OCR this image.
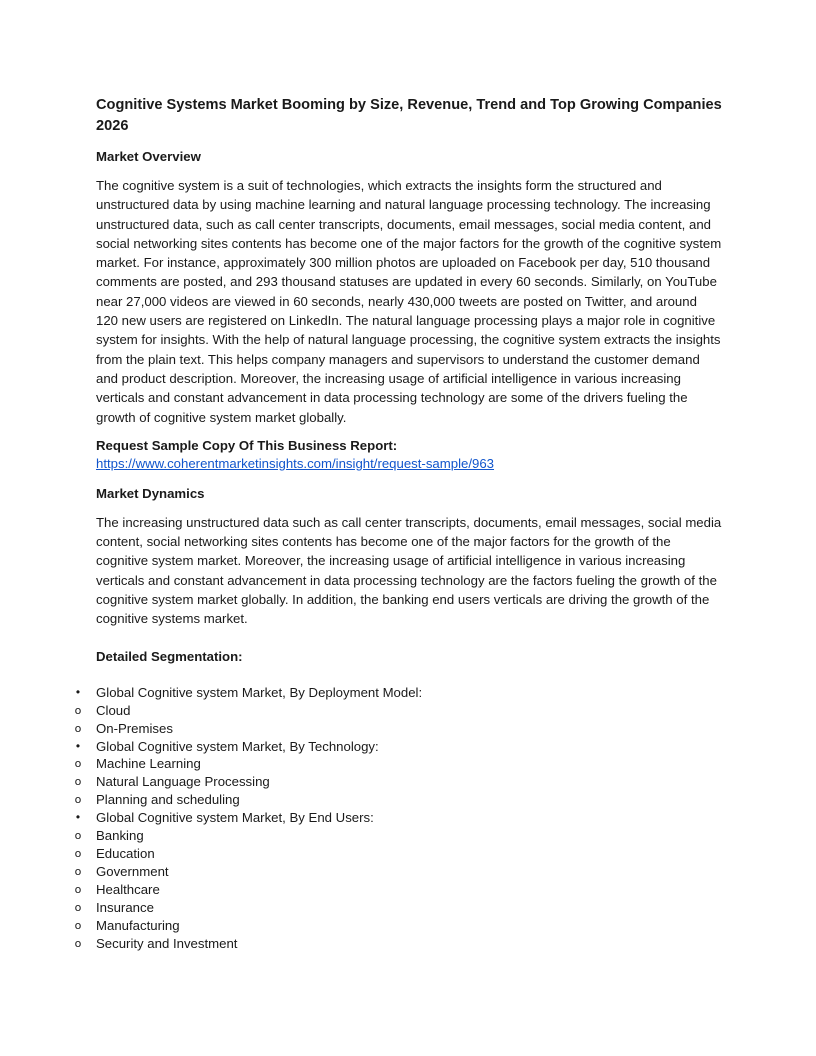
Cognitive Systems Market Booming by Size, Revenue, Trend and Top Growing Companies 2026
Market Overview

The cognitive system is a suit of technologies, which extracts the insights form the structured and unstructured data by using machine learning and natural language processing technology. The increasing unstructured data, such as call center transcripts, documents, email messages, social media content, and social networking sites contents has become one of the major factors for the growth of the cognitive system market. For instance, approximately 300 million photos are uploaded on Facebook per day, 510 thousand comments are posted, and 293 thousand statuses are updated in every 60 seconds. Similarly, on YouTube near 27,000 videos are viewed in 60 seconds, nearly 430,000 tweets are posted on Twitter, and around 120 new users are registered on LinkedIn. The natural language processing plays a major role in cognitive system for insights. With the help of natural language processing, the cognitive system extracts the insights from the plain text. This helps company managers and supervisors to understand the customer demand and product description. Moreover, the increasing usage of artificial intelligence in various increasing verticals and constant advancement in data processing technology are some of the drivers fueling the growth of cognitive system market globally.

Request Sample Copy Of This Business Report:

https://www.coherentmarketinsights.com/insight/request-sample/963
Market Dynamics

The increasing unstructured data such as call center transcripts, documents, email messages, social media content, social networking sites contents has become one of the major factors for the growth of the cognitive system market. Moreover, the increasing usage of artificial intelligence in various increasing verticals and constant advancement in data processing technology are the factors fueling the growth of the cognitive system market globally. In addition, the banking end users verticals are driving the growth of the cognitive systems market.

Detailed Segmentation:
• Global Cognitive system Market, By Deployment Model:
o Cloud
o On-Premises
• Global Cognitive system Market, By Technology:
o Machine Learning
o Natural Language Processing
o Planning and scheduling
• Global Cognitive system Market, By End Users:
o Banking
o Education
o Government
o Healthcare
o Insurance
o Manufacturing
o Security and Investment
